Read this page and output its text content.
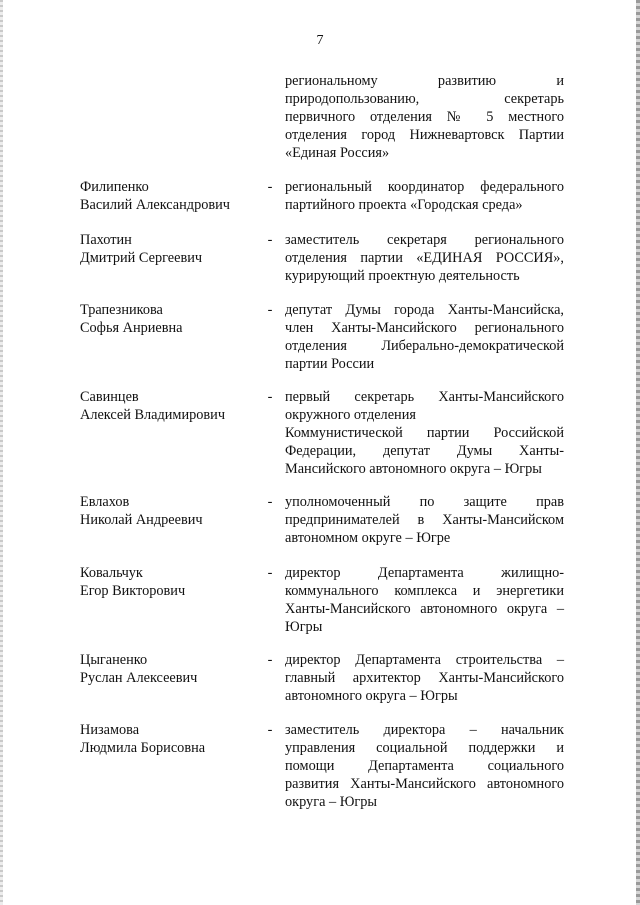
7
региональному развитию и
природопользованию, секретарь
первичного отделения № 5 местного
отделения город Нижневартовск Партии
«Единая Россия»
Филипенко
Василий Александрович
- региональный координатор федерального
партийного проекта «Городская среда»
Пахотин
Дмитрий Сергеевич
- заместитель секретаря регионального
отделения партии «ЕДИНАЯ РОССИЯ»,
курирующий проектную деятельность
Трапезникова
Софья Анриевна
- депутат Думы города Ханты-Мансийска,
член Ханты-Мансийского регионального
отделения Либерально-демократической
партии России
Савинцев
Алексей Владимирович
- первый секретарь Ханты-Мансийского
окружного отделения
Коммунистической партии Российской
Федерации, депутат Думы Ханты-
Мансийского автономного округа – Югры
Евлахов
Николай Андреевич
- уполномоченный по защите прав
предпринимателей в Ханты-Мансийском
автономном округе – Югре
Ковальчук
Егор Викторович
- директор Департамента жилищно-
коммунального комплекса и энергетики
Ханты-Мансийского автономного округа –
Югры
Цыганенко
Руслан Алексеевич
- директор Департамента строительства –
главный архитектор Ханты-Мансийского
автономного округа – Югры
Низамова
Людмила Борисовна
- заместитель директора – начальник
управления социальной поддержки и
помощи Департамента социального
развития Ханты-Мансийского автономного
округа – Югры
